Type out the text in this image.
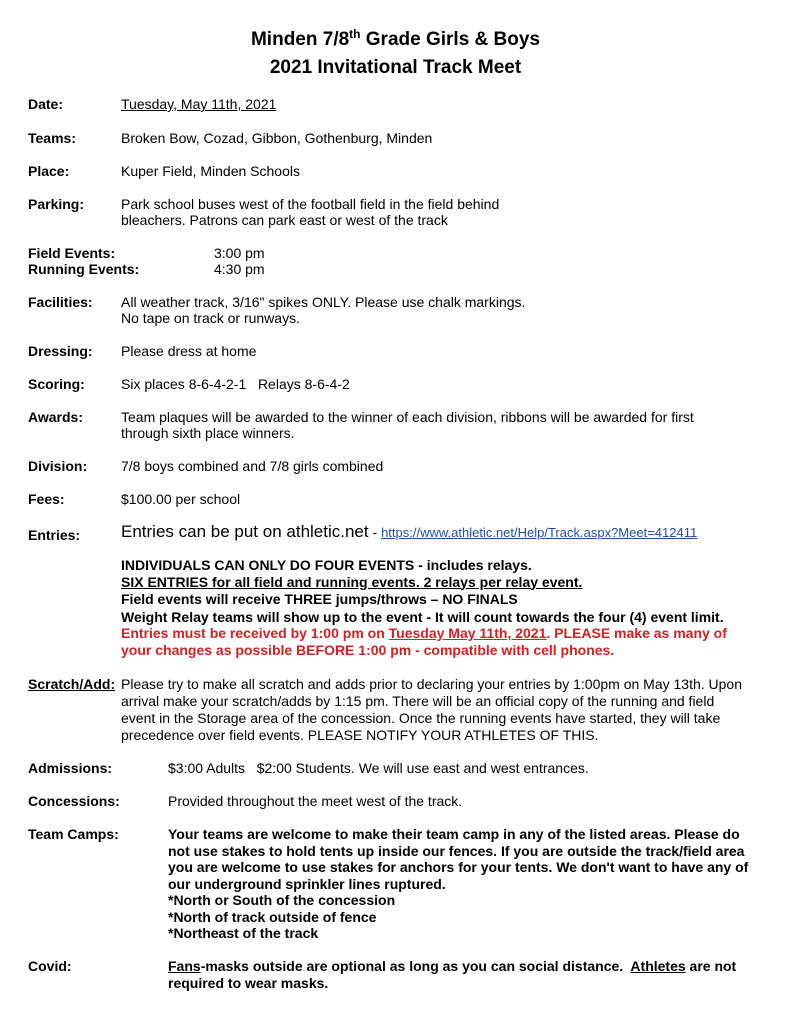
Minden 7/8th Grade Girls & Boys
2021 Invitational Track Meet
Date:	Tuesday, May 11th, 2021
Teams:	Broken Bow, Cozad, Gibbon, Gothenburg, Minden
Place:	Kuper Field, Minden Schools
Parking:	Park school buses west of the football field in the field behind
bleachers. Patrons can park east or west of the track
Field Events:	3:00 pm
Running Events:	4:30 pm
Facilities: All weather track, 3/16" spikes ONLY. Please use chalk markings.
No tape on track or runways.
Dressing: Please dress at home
Scoring:	Six places 8-6-4-2-1   Relays 8-6-4-2
Awards:	Team plaques will be awarded to the winner of each division, ribbons will be awarded for first
through sixth place winners.
Division: 7/8 boys combined and 7/8 girls combined
Fees:	$100.00 per school
Entries: Entries can be put on athletic.net - https://www.athletic.net/Help/Track.aspx?Meet=412411
INDIVIDUALS CAN ONLY DO FOUR EVENTS - includes relays.
SIX ENTRIES for all field and running events. 2 relays per relay event.
Field events will receive THREE jumps/throws – NO FINALS
Weight Relay teams will show up to the event - It will count towards the four (4) event limit.
Entries must be received by 1:00 pm on Tuesday May 11th, 2021. PLEASE make as many of
your changes as possible BEFORE 1:00 pm - compatible with cell phones.
Scratch/Add: Please try to make all scratch and adds prior to declaring your entries by 1:00pm on May 13th. Upon
arrival make your scratch/adds by 1:15 pm. There will be an official copy of the running and field
event in the Storage area of the concession. Once the running events have started, they will take
precedence over field events. PLEASE NOTIFY YOUR ATHLETES OF THIS.
Admissions:	$3:00 Adults   $2:00 Students. We will use east and west entrances.
Concessions:	Provided throughout the meet west of the track.
Team Camps:	Your teams are welcome to make their team camp in any of the listed areas. Please do
not use stakes to hold tents up inside our fences. If you are outside the track/field area
you are welcome to use stakes for anchors for your tents. We don't want to have any of
our underground sprinkler lines ruptured.
*North or South of the concession
*North of track outside of fence
*Northeast of the track
Covid:	Fans-masks outside are optional as long as you can social distance.  Athletes are not
required to wear masks.
